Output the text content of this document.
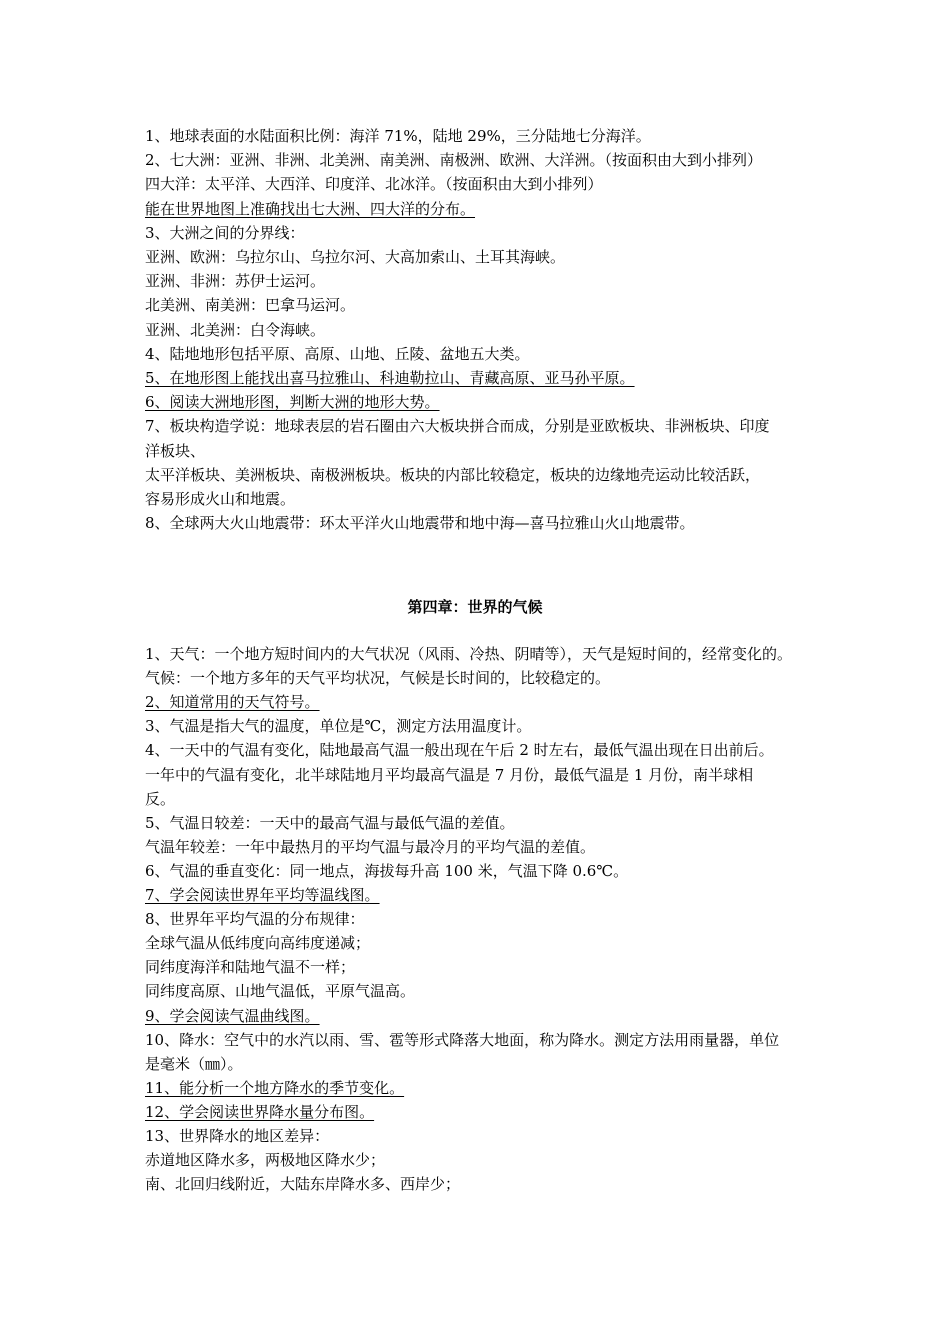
1、地球表面的水陆面积比例：海洋 71%，陆地 29%，三分陆地七分海洋。
2、七大洲：亚洲、非洲、北美洲、南美洲、南极洲、欧洲、大洋洲。（按面积由大到小排列）
四大洋：太平洋、大西洋、印度洋、北冰洋。（按面积由大到小排列）
能在世界地图上准确找出七大洲、四大洋的分布。
3、大洲之间的分界线：
亚洲、欧洲：乌拉尔山、乌拉尔河、大高加索山、土耳其海峡。
亚洲、非洲：苏伊士运河。
北美洲、南美洲：巴拿马运河。
亚洲、北美洲：白令海峡。
4、陆地地形包括平原、高原、山地、丘陵、盆地五大类。
5、在地形图上能找出喜马拉雅山、科迪勒拉山、青藏高原、亚马孙平原。
6、阅读大洲地形图，判断大洲的地形大势。
7、板块构造学说：地球表层的岩石圈由六大板块拼合而成，分别是亚欧板块、非洲板块、印度
洋板块、
太平洋板块、美洲板块、南极洲板块。板块的内部比较稳定，板块的边缘地壳运动比较活跃，
容易形成火山和地震。
8、全球两大火山地震带：环太平洋火山地震带和地中海—喜马拉雅山火山地震带。
第四章：世界的气候
1、天气：一个地方短时间内的大气状况（风雨、冷热、阴晴等），天气是短时间的，经常变化的。
气候：一个地方多年的天气平均状况，气候是长时间的，比较稳定的。
2、知道常用的天气符号。
3、气温是指大气的温度，单位是℃，测定方法用温度计。
4、一天中的气温有变化，陆地最高气温一般出现在午后 2 时左右，最低气温出现在日出前后。
一年中的气温有变化，北半球陆地月平均最高气温是 7 月份，最低气温是 1 月份，南半球相
反。
5、气温日较差：一天中的最高气温与最低气温的差值。
气温年较差：一年中最热月的平均气温与最冷月的平均气温的差值。
6、气温的垂直变化：同一地点，海拔每升高 100 米，气温下降 0.6℃。
7、学会阅读世界年平均等温线图。
8、世界年平均气温的分布规律：
全球气温从低纬度向高纬度递减；
同纬度海洋和陆地气温不一样；
同纬度高原、山地气温低，平原气温高。
9、学会阅读气温曲线图。
10、降水：空气中的水汽以雨、雪、雹等形式降落大地面，称为降水。测定方法用雨量器，单位
是毫米（㎜）。
11、能分析一个地方降水的季节变化。
12、学会阅读世界降水量分布图。
13、世界降水的地区差异：
赤道地区降水多，两极地区降水少；
南、北回归线附近，大陆东岸降水多、西岸少；
